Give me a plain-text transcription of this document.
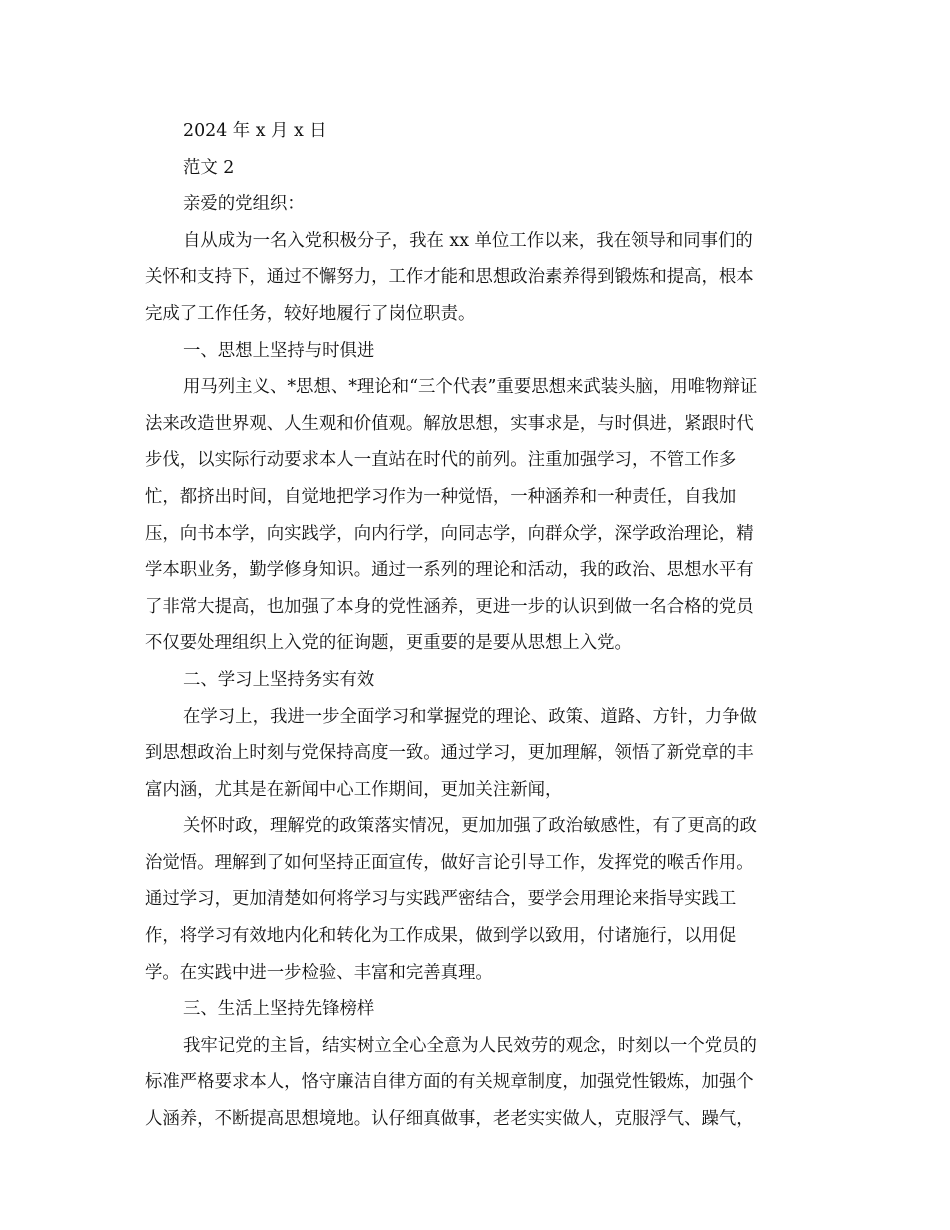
2024 年 x 月 x 日

范文 2

亲爱的党组织：

自从成为一名入党积极分子，我在 xx 单位工作以来，我在领导和同事们的

关怀和支持下，通过不懈努力，工作才能和思想政治素养得到锻炼和提高，根本

完成了工作任务，较好地履行了岗位职责。

一、思想上坚持与时俱进

用马列主义、*思想、*理论和“三个代表”重要思想来武装头脑，用唯物辩证

法来改造世界观、人生观和价值观。解放思想，实事求是，与时俱进，紧跟时代

步伐，以实际行动要求本人一直站在时代的前列。注重加强学习，不管工作多

忙，都挤出时间，自觉地把学习作为一种觉悟，一种涵养和一种责任，自我加

压，向书本学，向实践学，向内行学，向同志学，向群众学，深学政治理论，精

学本职业务，勤学修身知识。通过一系列的理论和活动，我的政治、思想水平有

了非常大提高，也加强了本身的党性涵养，更进一步的认识到做一名合格的党员

不仅要处理组织上入党的征询题，更重要的是要从思想上入党。

二、学习上坚持务实有效

在学习上，我进一步全面学习和掌握党的理论、政策、道路、方针，力争做

到思想政治上时刻与党保持高度一致。通过学习，更加理解，领悟了新党章的丰

富内涵，尤其是在新闻中心工作期间，更加关注新闻，

关怀时政，理解党的政策落实情况，更加加强了政治敏感性，有了更高的政

治觉悟。理解到了如何坚持正面宣传，做好言论引导工作，发挥党的喉舌作用。

通过学习，更加清楚如何将学习与实践严密结合，要学会用理论来指导实践工

作，将学习有效地内化和转化为工作成果，做到学以致用，付诸施行，以用促

学。在实践中进一步检验、丰富和完善真理。

三、生活上坚持先锋榜样

我牢记党的主旨，结实树立全心全意为人民效劳的观念，时刻以一个党员的

标准严格要求本人，恪守廉洁自律方面的有关规章制度，加强党性锻炼，加强个

人涵养，不断提高思想境地。认仔细真做事，老老实实做人，克服浮气、躁气，
